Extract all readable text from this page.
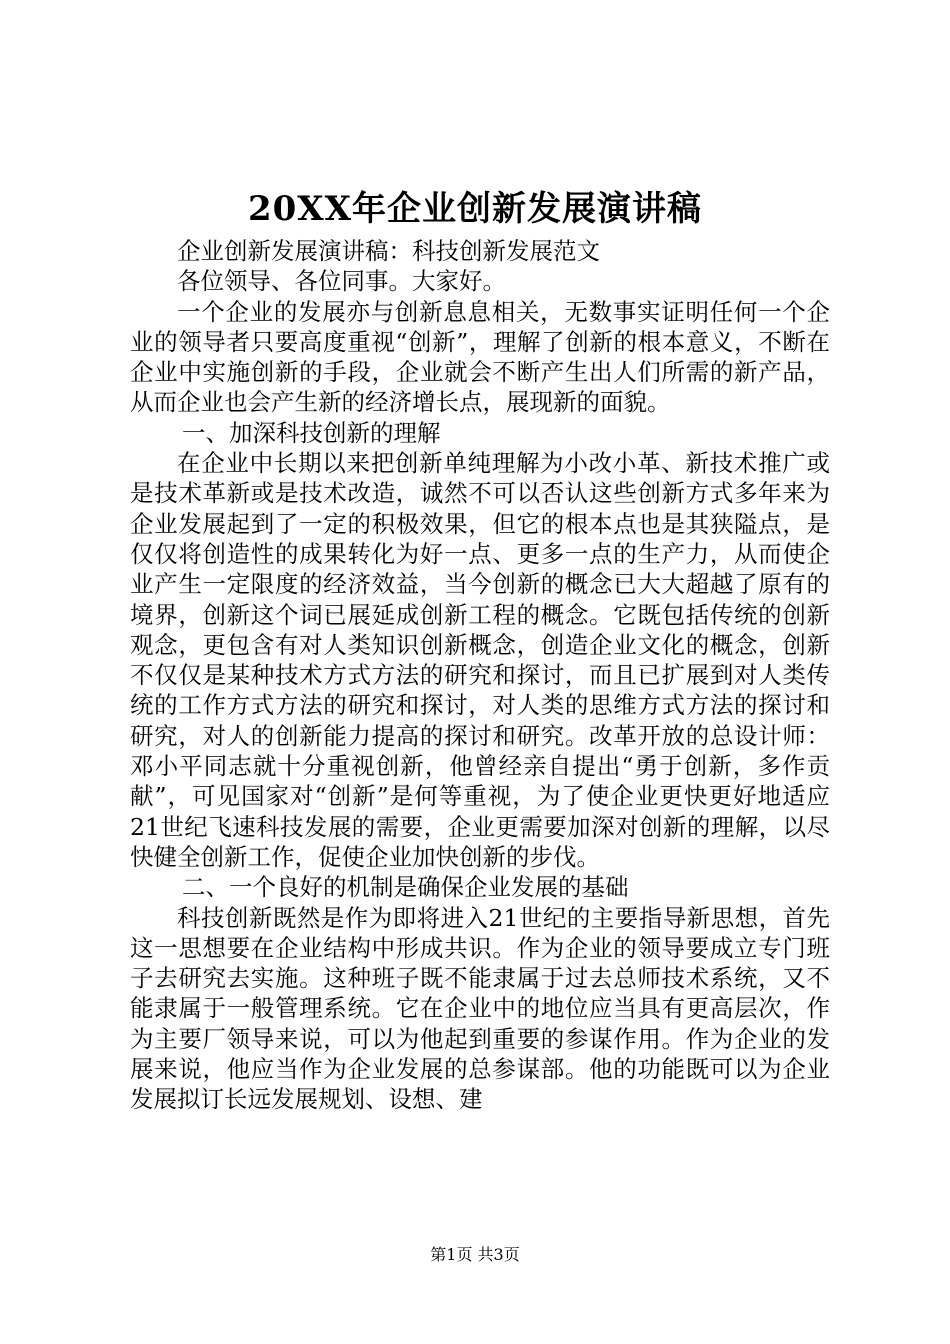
20XX年企业创新发展演讲稿

企业创新发展演讲稿：科技创新发展范文

各位领导、各位同事。大家好。

一个企业的发展亦与创新息息相关，无数事实证明任何一个企业的领导者只要高度重视“创新”，理解了创新的根本意义，不断在企业中实施创新的手段，企业就会不断产生出人们所需的新产品，从而企业也会产生新的经济增长点，展现新的面貌。

一、加深科技创新的理解

在企业中长期以来把创新单纯理解为小改小革、新技术推广或是技术革新或是技术改造，诚然不可以否认这些创新方式多年来为企业发展起到了一定的积极效果，但它的根本点也是其狭隘点，是仅仅将创造性的成果转化为好一点、更多一点的生产力，从而使企业产生一定限度的经济效益，当今创新的概念已大大超越了原有的境界，创新这个词已展延成创新工程的概念。它既包括传统的创新观念，更包含有对人类知识创新概念，创造企业文化的概念，创新不仅仅是某种技术方式方法的研究和探讨，而且已扩展到对人类传统的工作方式方法的研究和探讨，对人类的思维方式方法的探讨和研究，对人的创新能力提高的探讨和研究。改革开放的总设计师：邓小平同志就十分重视创新，他曾经亲自提出“勇于创新，多作贡献”，可见国家对“创新”是何等重视，为了使企业更快更好地适应21世纪飞速科技发展的需要，企业更需要加深对创新的理解，以尽快健全创新工作，促使企业加快创新的步伐。

二、一个良好的机制是确保企业发展的基础

科技创新既然是作为即将进入21世纪的主要指导新思想，首先这一思想要在企业结构中形成共识。作为企业的领导要成立专门班子去研究去实施。这种班子既不能隶属于过去总师技术系统，又不能隶属于一般管理系统。它在企业中的地位应当具有更高层次，作为主要厂领导来说，可以为他起到重要的参谋作用。作为企业的发展来说，他应当作为企业发展的总参谋部。他的功能既可以为企业发展拟订长远发展规划、设想、建

第1页 共3页
